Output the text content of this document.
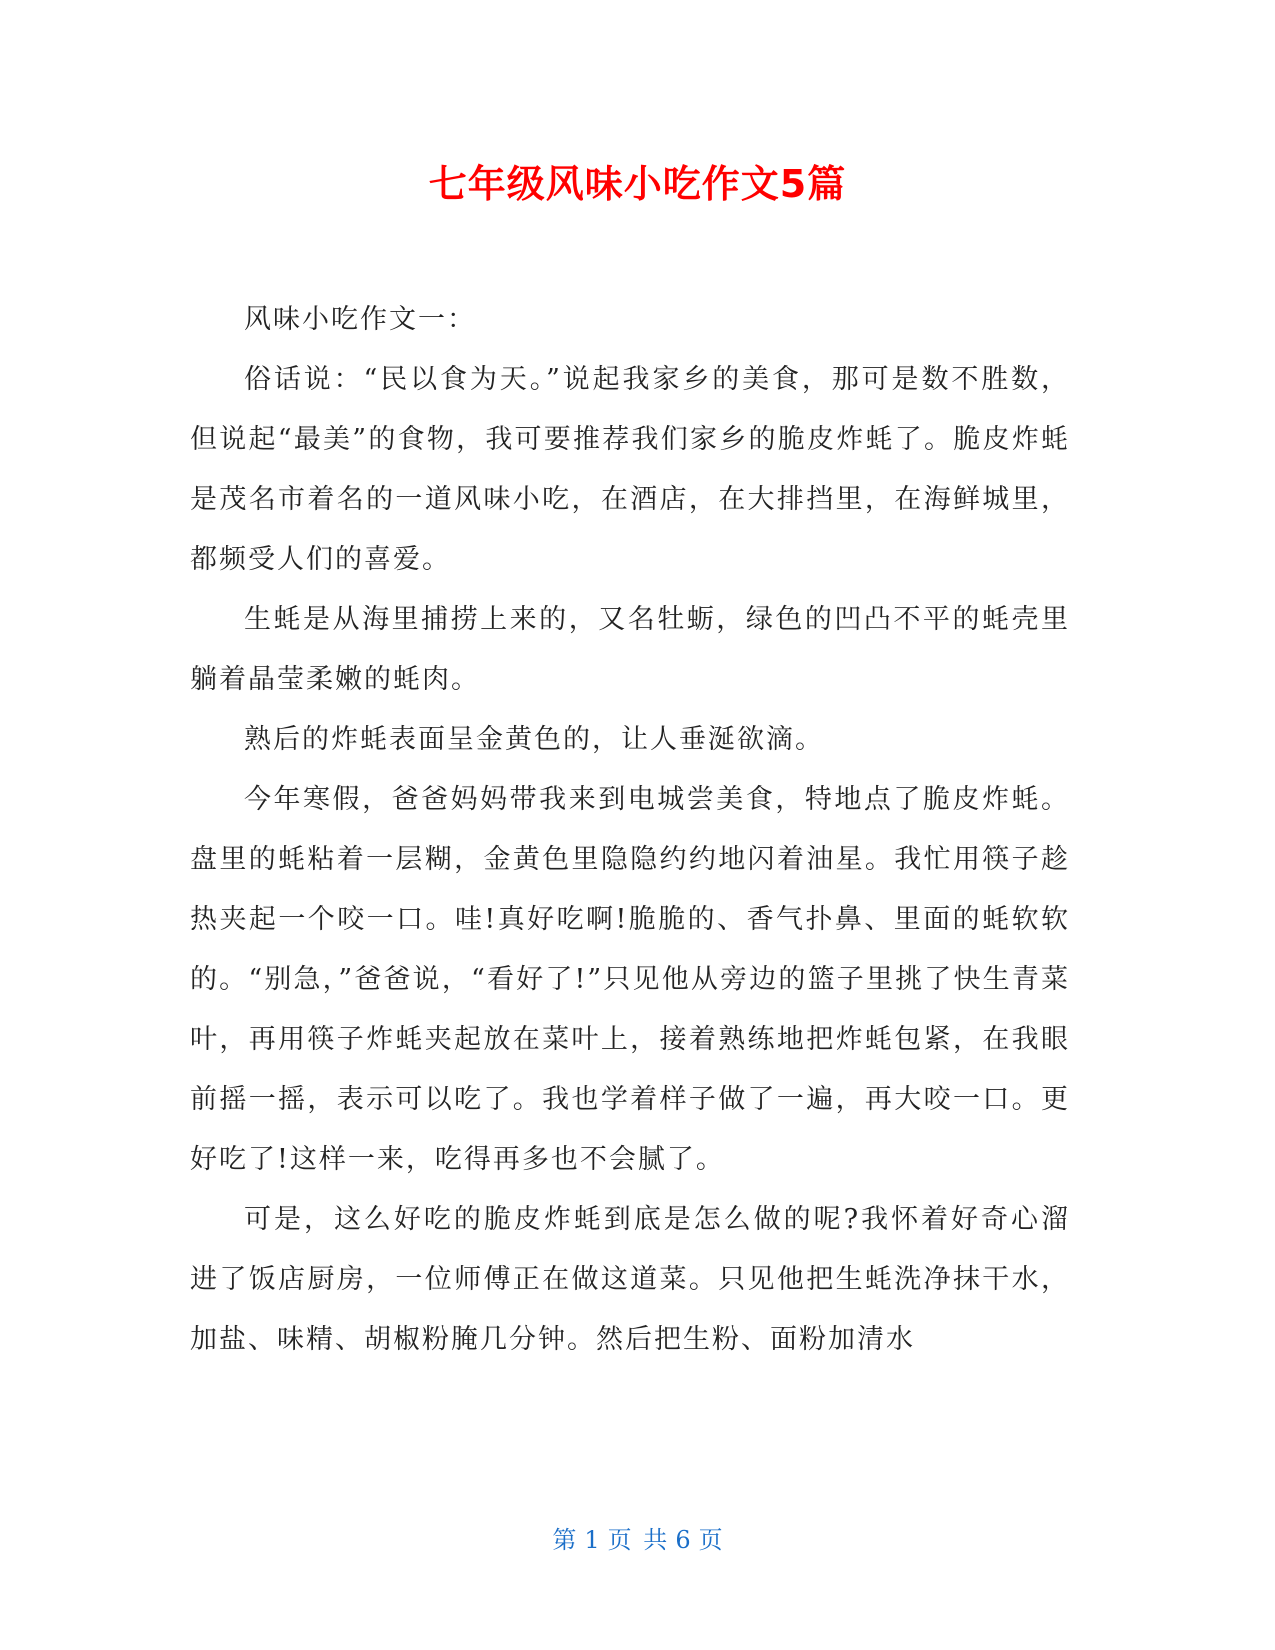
七年级风味小吃作文5篇

风味小吃作文一：

俗话说：“民以食为天。”说起我家乡的美食，那可是数不胜数，但说起“最美”的食物，我可要推荐我们家乡的脆皮炸蚝了。脆皮炸蚝是茂名市着名的一道风味小吃，在酒店，在大排挡里，在海鲜城里，都频受人们的喜爱。

生蚝是从海里捕捞上来的，又名牡蛎，绿色的凹凸不平的蚝壳里躺着晶莹柔嫩的蚝肉。

熟后的炸蚝表面呈金黄色的，让人垂涎欲滴。

今年寒假，爸爸妈妈带我来到电城尝美食，特地点了脆皮炸蚝。盘里的蚝粘着一层糊，金黄色里隐隐约约地闪着油星。我忙用筷子趁热夹起一个咬一口。哇!真好吃啊!脆脆的、香气扑鼻、里面的蚝软软的。“别急，”爸爸说，“看好了!”只见他从旁边的篮子里挑了快生青菜叶，再用筷子炸蚝夹起放在菜叶上，接着熟练地把炸蚝包紧，在我眼前摇一摇，表示可以吃了。我也学着样子做了一遍，再大咬一口。更好吃了!这样一来，吃得再多也不会腻了。

可是，这么好吃的脆皮炸蚝到底是怎么做的呢?我怀着好奇心溜进了饭店厨房，一位师傅正在做这道菜。只见他把生蚝洗净抹干水，加盐、味精、胡椒粉腌几分钟。然后把生粉、面粉加清水

第 1 页 共 6 页
